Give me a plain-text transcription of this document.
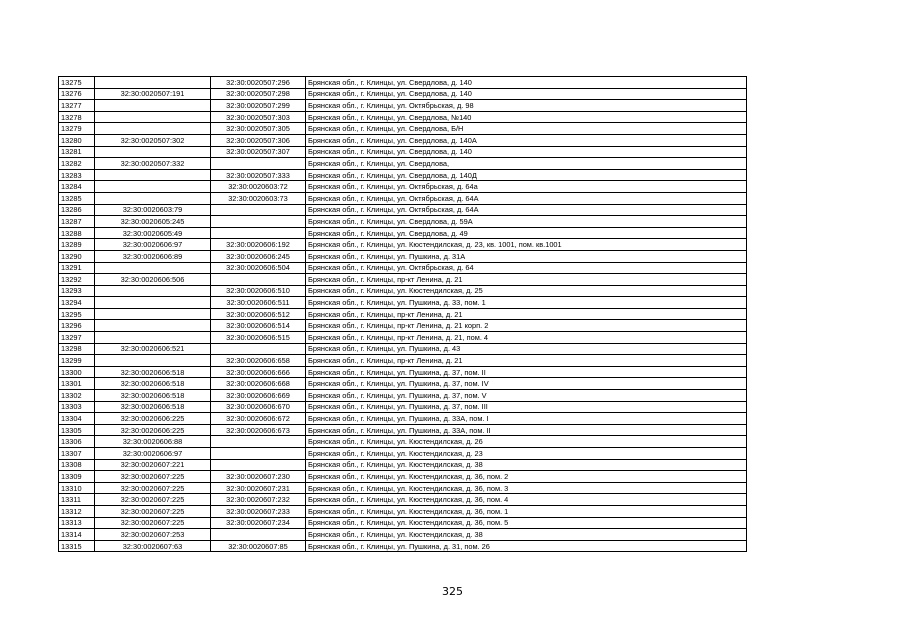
13275		32:30:0020507:296	Брянская обл., г. Клинцы, ул. Свердлова, д. 140
13276	32:30:0020507:191	32:30:0020507:298	Брянская обл., г. Клинцы, ул. Свердлова, д. 140
13277		32:30:0020507:299	Брянская обл., г. Клинцы, ул. Октябрьская, д. 98
13278		32:30:0020507:303	Брянская обл., г. Клинцы, ул. Свердлова, №140
13279		32:30:0020507:305	Брянская обл., г. Клинцы, ул. Свердлова, Б/Н
13280	32:30:0020507:302	32:30:0020507:306	Брянская обл., г. Клинцы, ул. Свердлова, д. 140А
13281		32:30:0020507:307	Брянская обл., г. Клинцы, ул. Свердлова, д. 140
13282	32:30:0020507:332		Брянская обл., г. Клинцы, ул. Свердлова,
13283		32:30:0020507:333	Брянская обл., г. Клинцы, ул. Свердлова, д. 140Д
13284		32:30:0020603:72	Брянская обл., г. Клинцы, ул. Октябрьская, д. 64а
13285		32:30:0020603:73	Брянская обл., г. Клинцы, ул. Октябрьская, д. 64А
13286	32:30:0020603:79		Брянская обл., г. Клинцы, ул. Октябрьская, д. 64А
13287	32:30:0020605:245		Брянская обл., г. Клинцы, ул. Свердлова, д. 59А
13288	32:30:0020605:49		Брянская обл., г. Клинцы, ул. Свердлова, д. 49
13289	32:30:0020606:97	32:30:0020606:192	Брянская обл., г. Клинцы, ул. Кюстендилская, д. 23, кв. 1001, пом. кв.1001
13290	32:30:0020606:89	32:30:0020606:245	Брянская обл., г. Клинцы, ул. Пушкина, д. 31А
13291		32:30:0020606:504	Брянская обл., г. Клинцы, ул. Октябрьская, д. 64
13292	32:30:0020606:506		Брянская обл., г. Клинцы, пр-кт Ленина, д. 21
13293		32:30:0020606:510	Брянская обл., г. Клинцы, ул. Кюстендилская, д. 25
13294		32:30:0020606:511	Брянская обл., г. Клинцы, ул. Пушкина, д. 33, пом. 1
13295		32:30:0020606:512	Брянская обл., г. Клинцы, пр-кт Ленина, д. 21
13296		32:30:0020606:514	Брянская обл., г. Клинцы, пр-кт Ленина, д. 21 корп. 2
13297		32:30:0020606:515	Брянская обл., г. Клинцы, пр-кт Ленина, д. 21, пом. 4
13298	32:30:0020606:521		Брянская обл., г. Клинцы, ул. Пушкина, д. 43
13299		32:30:0020606:658	Брянская обл., г. Клинцы, пр-кт Ленина, д. 21
13300	32:30:0020606:518	32:30:0020606:666	Брянская обл., г. Клинцы, ул. Пушкина, д. 37, пом. II
13301	32:30:0020606:518	32:30:0020606:668	Брянская обл., г. Клинцы, ул. Пушкина, д. 37, пом. IV
13302	32:30:0020606:518	32:30:0020606:669	Брянская обл., г. Клинцы, ул. Пушкина, д. 37, пом. V
13303	32:30:0020606:518	32:30:0020606:670	Брянская обл., г. Клинцы, ул. Пушкина, д. 37, пом. III
13304	32:30:0020606:225	32:30:0020606:672	Брянская обл., г. Клинцы, ул. Пушкина, д. 33А, пом. I
13305	32:30:0020606:225	32:30:0020606:673	Брянская обл., г. Клинцы, ул. Пушкина, д. 33А, пом. II
13306	32:30:0020606:88		Брянская обл., г. Клинцы, ул. Кюстендилская, д. 26
13307	32:30:0020606:97		Брянская обл., г. Клинцы, ул. Кюстендилская, д. 23
13308	32:30:0020607:221		Брянская обл., г. Клинцы, ул. Кюстендилская, д. 38
13309	32:30:0020607:225	32:30:0020607:230	Брянская обл., г. Клинцы, ул. Кюстендилская, д. 36, пом. 2
13310	32:30:0020607:225	32:30:0020607:231	Брянская обл., г. Клинцы, ул. Кюстендилская, д. 36, пом. 3
13311	32:30:0020607:225	32:30:0020607:232	Брянская обл., г. Клинцы, ул. Кюстендилская, д. 36, пом. 4
13312	32:30:0020607:225	32:30:0020607:233	Брянская обл., г. Клинцы, ул. Кюстендилская, д. 36, пом. 1
13313	32:30:0020607:225	32:30:0020607:234	Брянская обл., г. Клинцы, ул. Кюстендилская, д. 36, пом. 5
13314	32:30:0020607:253		Брянская обл., г. Клинцы, ул. Кюстендилская, д. 38
13315	32:30:0020607:63	32:30:0020607:85	Брянская обл., г. Клинцы, ул. Пушкина, д. 31, пом. 26
325
